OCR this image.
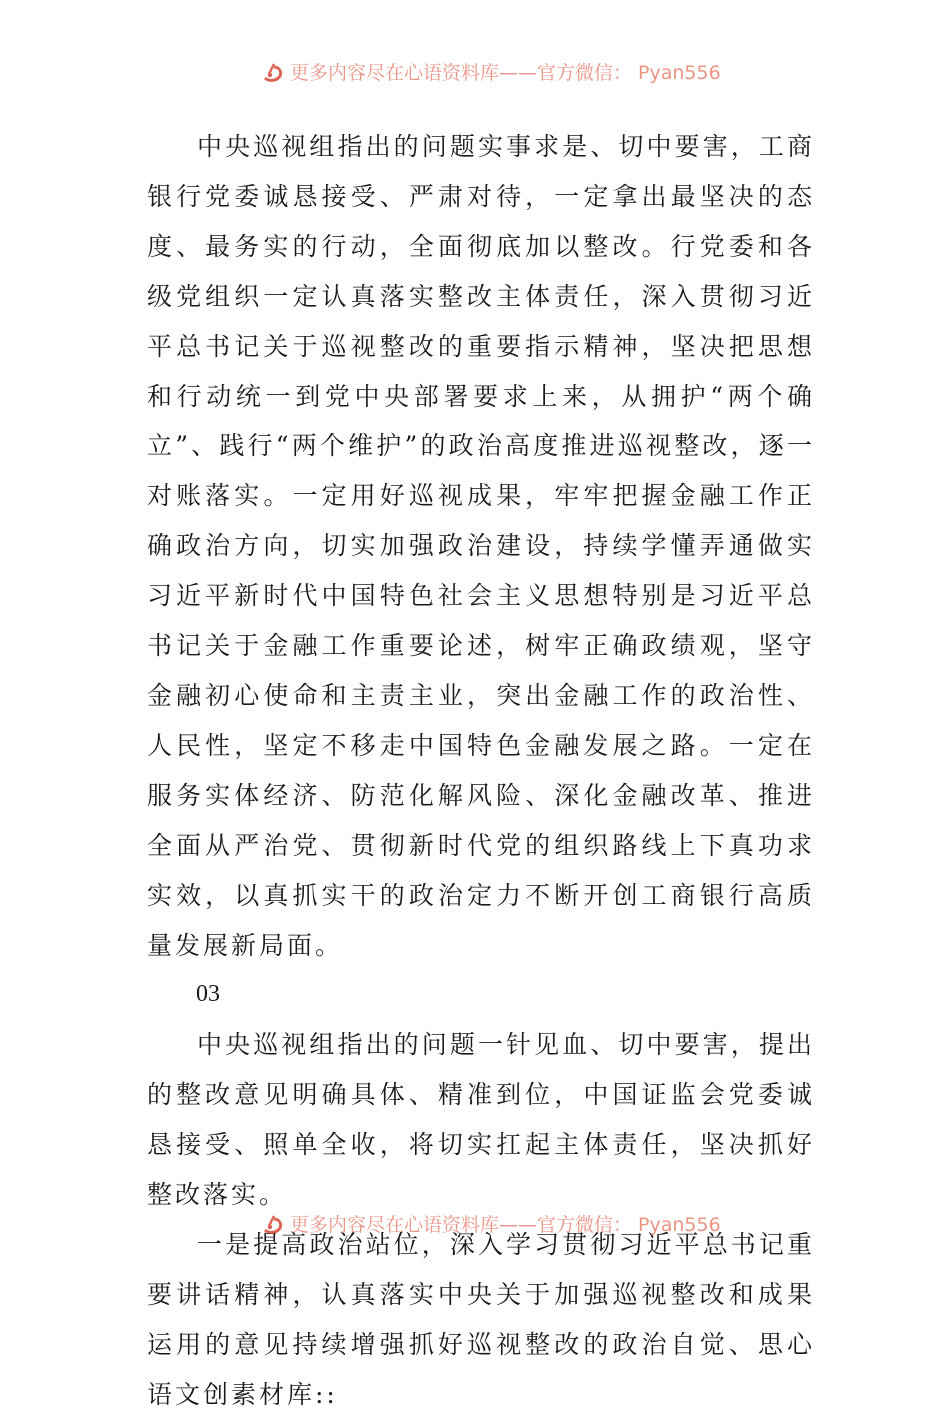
更多内容尽在心语资料库——官方微信： Pyan556

中央巡视组指出的问题实事求是、切中要害，工商银行党委诚恳接受、严肃对待，一定拿出最坚决的态度、最务实的行动，全面彻底加以整改。行党委和各级党组织一定认真落实整改主体责任，深入贯彻习近平总书记关于巡视整改的重要指示精神，坚决把思想和行动统一到党中央部署要求上来，从拥护“两个确立”、践行“两个维护”的政治高度推进巡视整改，逐一对账落实。一定用好巡视成果，牢牢把握金融工作正确政治方向，切实加强政治建设，持续学懂弄通做实习近平新时代中国特色社会主义思想特别是习近平总书记关于金融工作重要论述，树牢正确政绩观，坚守金融初心使命和主责主业，突出金融工作的政治性、人民性，坚定不移走中国特色金融发展之路。一定在服务实体经济、防范化解风险、深化金融改革、推进全面从严治党、贯彻新时代党的组织路线上下真功求实效，以真抓实干的政治定力不断开创工商银行高质量发展新局面。

03

中央巡视组指出的问题一针见血、切中要害，提出的整改意见明确具体、精准到位，中国证监会党委诚恳接受、照单全收，将切实扛起主体责任，坚决抓好整改落实。

一是提高政治站位，深入学习贯彻习近平总书记重要讲话精神，认真落实中央关于加强巡视整改和成果运用的意见持续增强抓好巡视整改的政治自觉、思心语文创素材库::

更多内容尽在心语资料库——官方微信： Pyan556
